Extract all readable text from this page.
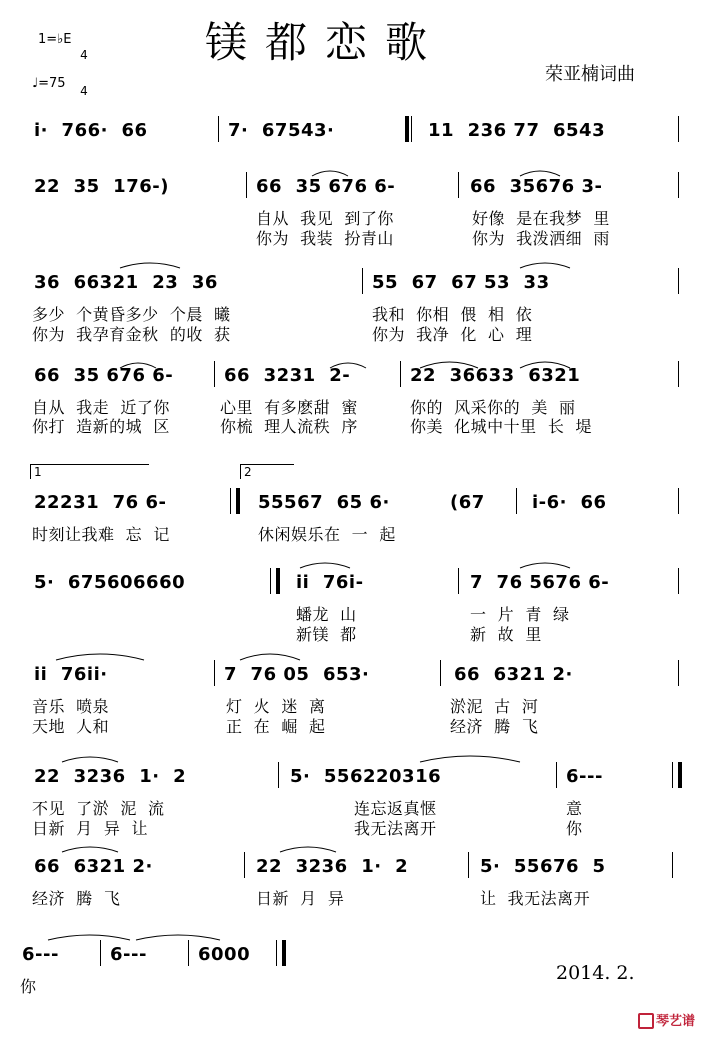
1=♭E

4

4

镁都恋歌
♩=75	荣亚楠词曲
i·  766·  66	7·  67543·	11  236 77  6543
22  35  176-)	66  35 676 6-	66  35676 3-
自从  我见  到了你	好像  是在我梦  里
你为  我装  扮青山	你为  我泼洒细  雨
36  66321  23  36	55  67  67 53  33
多少  个黄昏多少  个晨  曦	我和  你相  偎  相  依
你为  我孕育金秋  的收  获	你为  我净  化  心  理
66  35 676 6-	66  3231  2-	22  36633  6321
自从  我走  近了你	心里  有多麽甜  蜜	你的  风采你的  美  丽
你打  造新的城  区	你梳  理人流秩  序	你美  化城中十里  长  堤
1	2
22231  76 6-	55567  65 6·	(67	i-6·  66
时刻让我难  忘  记	休闲娱乐在  一  起
5·  675606660	ii  76i-	7  76 5676 6-
蟠龙  山	一  片  青  绿
新镁  都	新  故  里
ii  76ii·	7  76 05  653·	66  6321 2·
音乐  喷泉	灯  火  迷  离	淤泥  古  河
天地  人和	正  在  崛  起	经济  腾  飞
22  3236  1·  2	5·  556220316	6---
不见  了淤  泥  流	连忘返真惬	意
日新  月  异  让	我无法离开	你
66  6321 2·	22  3236  1·  2	5·  55676  5
经济  腾  飞	日新  月  异	让  我无法离开
6---	6---	6000
你
2014. 2.
琴艺谱
